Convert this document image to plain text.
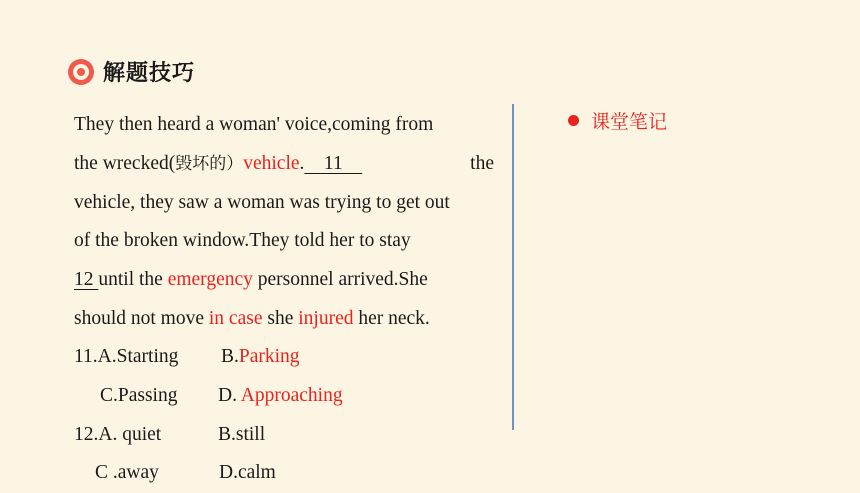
解题技巧
They then heard a woman' voice,coming from
the wrecked(毁坏的）vehicle.    11	the
vehicle, they saw a woman was trying to get out
of the broken window.They told her to stay
12 until the emergency personnel arrived.She
should not move in case she injured her neck.
11.A.Starting B.Parking
C.Passing D. Approaching
12.A. quiet	B.still
C .away	D.calm
课堂笔记
